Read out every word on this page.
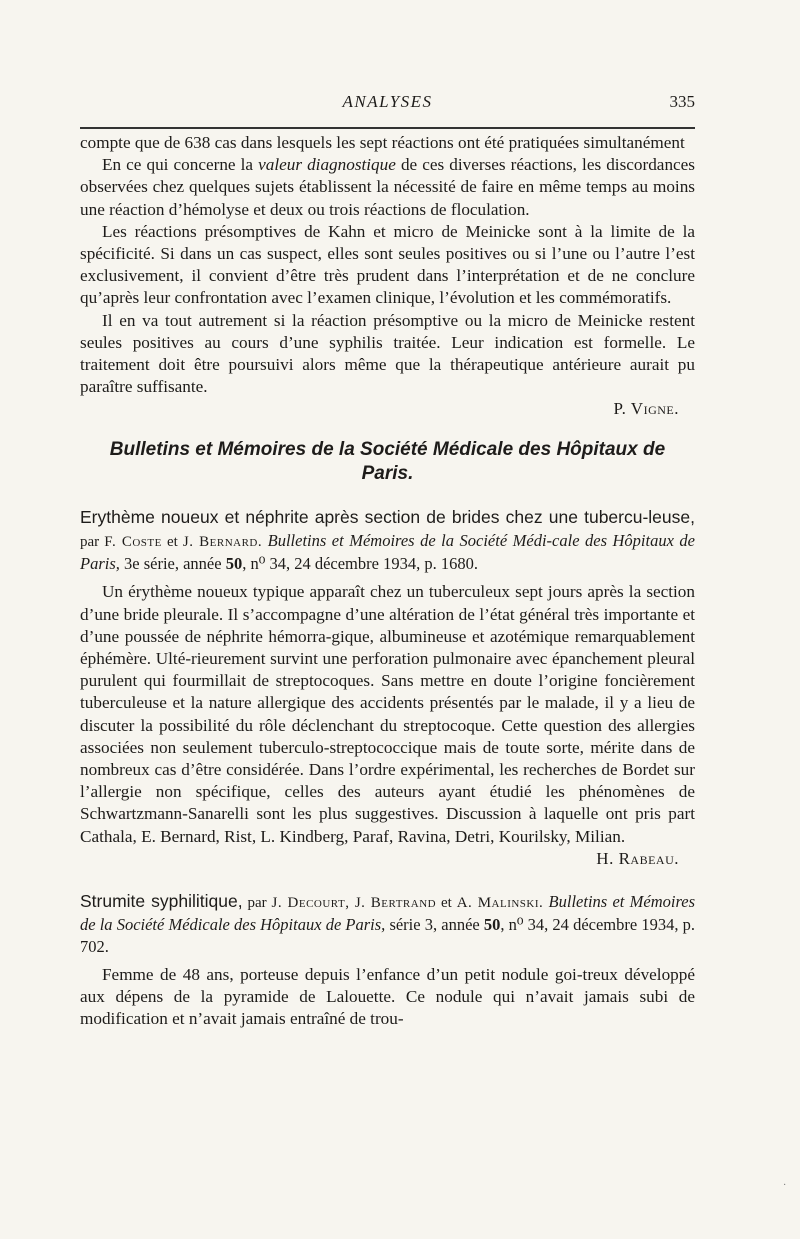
ANALYSES	335

compte que de 638 cas dans lesquels les sept réactions ont été pratiquées simultanément

En ce qui concerne la valeur diagnostique de ces diverses réactions, les discordances observées chez quelques sujets établissent la nécessité de faire en même temps au moins une réaction d’hémolyse et deux ou trois réactions de floculation.

Les réactions présomptives de Kahn et micro de Meinicke sont à la limite de la spécificité. Si dans un cas suspect, elles sont seules positives ou si l’une ou l’autre l’est exclusivement, il convient d’être très prudent dans l’interprétation et de ne conclure qu’après leur confrontation avec l’examen clinique, l’évolution et les commémoratifs.

Il en va tout autrement si la réaction présomptive ou la micro de Meinicke restent seules positives au cours d’une syphilis traitée. Leur indication est formelle. Le traitement doit être poursuivi alors même que la thérapeutique antérieure aurait pu paraître suffisante.

P. Vigne.

Bulletins et Mémoires de la Société Médicale des Hôpitaux de Paris.

Erythème noueux et néphrite après section de brides chez une tubercu-leuse, par F. Coste et J. Bernard. Bulletins et Mémoires de la Société Médi-cale des Hôpitaux de Paris, 3e série, année 50, n⁰ 34, 24 décembre 1934, p. 1680.

Un érythème noueux typique apparaît chez un tuberculeux sept jours après la section d’une bride pleurale. Il s’accompagne d’une altération de l’état général très importante et d’une poussée de néphrite hémorra-gique, albumineuse et azotémique remarquablement éphémère. Ulté-rieurement survint une perforation pulmonaire avec épanchement pleural purulent qui fourmillait de streptocoques. Sans mettre en doute l’origine foncièrement tuberculeuse et la nature allergique des accidents présentés par le malade, il y a lieu de discuter la possibilité du rôle déclenchant du streptocoque. Cette question des allergies associées non seulement tuberculo-streptococcique mais de toute sorte, mérite dans de nombreux cas d’être considérée. Dans l’ordre expérimental, les recherches de Bordet sur l’allergie non spécifique, celles des auteurs ayant étudié les phénomènes de Schwartzmann-Sanarelli sont les plus suggestives. Discussion à laquelle ont pris part Cathala, E. Bernard, Rist, L. Kindberg, Paraf, Ravina, Detri, Kourilsky, Milian.

H. Rabeau.

Strumite syphilitique, par J. Decourt, J. Bertrand et A. Malinski. Bulletins et Mémoires de la Société Médicale des Hôpitaux de Paris, série 3, année 50, n⁰ 34, 24 décembre 1934, p. 702.

Femme de 48 ans, porteuse depuis l’enfance d’un petit nodule goi-treux développé aux dépens de la pyramide de Lalouette. Ce nodule qui n’avait jamais subi de modification et n’avait jamais entraîné de trou-

·
